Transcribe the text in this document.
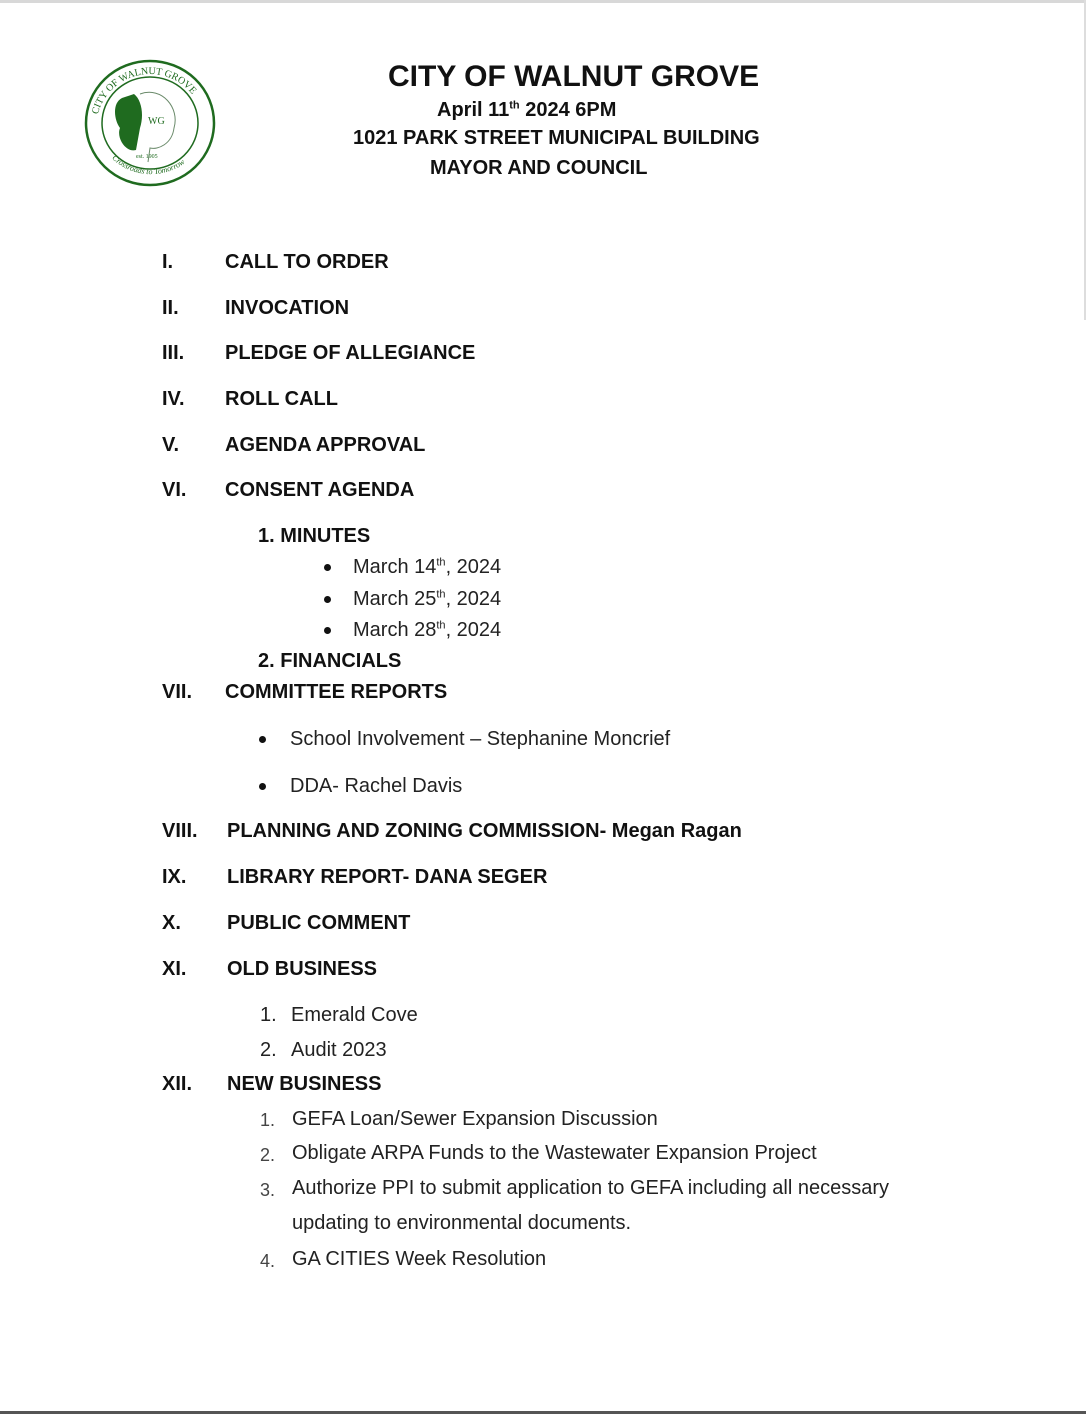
CITY OF WALNUT GROVE
Crossroads to Tomorrow
WG
est. 1905
CITY OF WALNUT GROVE
April 11th 2024 6PM
1021 PARK STREET MUNICIPAL BUILDING
MAYOR AND COUNCIL
I.	CALL TO ORDER
II. INVOCATION
III. PLEDGE OF ALLEGIANCE
IV. ROLL CALL
V. AGENDA APPROVAL
VI. CONSENT AGENDA
1. MINUTES
March 14th, 2024
March 25th, 2024
March 28th, 2024
2. FINANCIALS
VII. COMMITTEE REPORTS
School Involvement – Stephanine Moncrief
DDA- Rachel Davis
VIII. PLANNING AND ZONING COMMISSION- Megan Ragan
IX. LIBRARY REPORT- DANA SEGER
X. PUBLIC COMMENT
XI. OLD BUSINESS
1. Emerald Cove
2. Audit 2023
XII. NEW BUSINESS
1. GEFA Loan/Sewer Expansion Discussion
2. Obligate ARPA Funds to the Wastewater Expansion Project
3. Authorize PPI to submit application to GEFA including all necessary
updating to environmental documents.
4. GA CITIES Week Resolution
